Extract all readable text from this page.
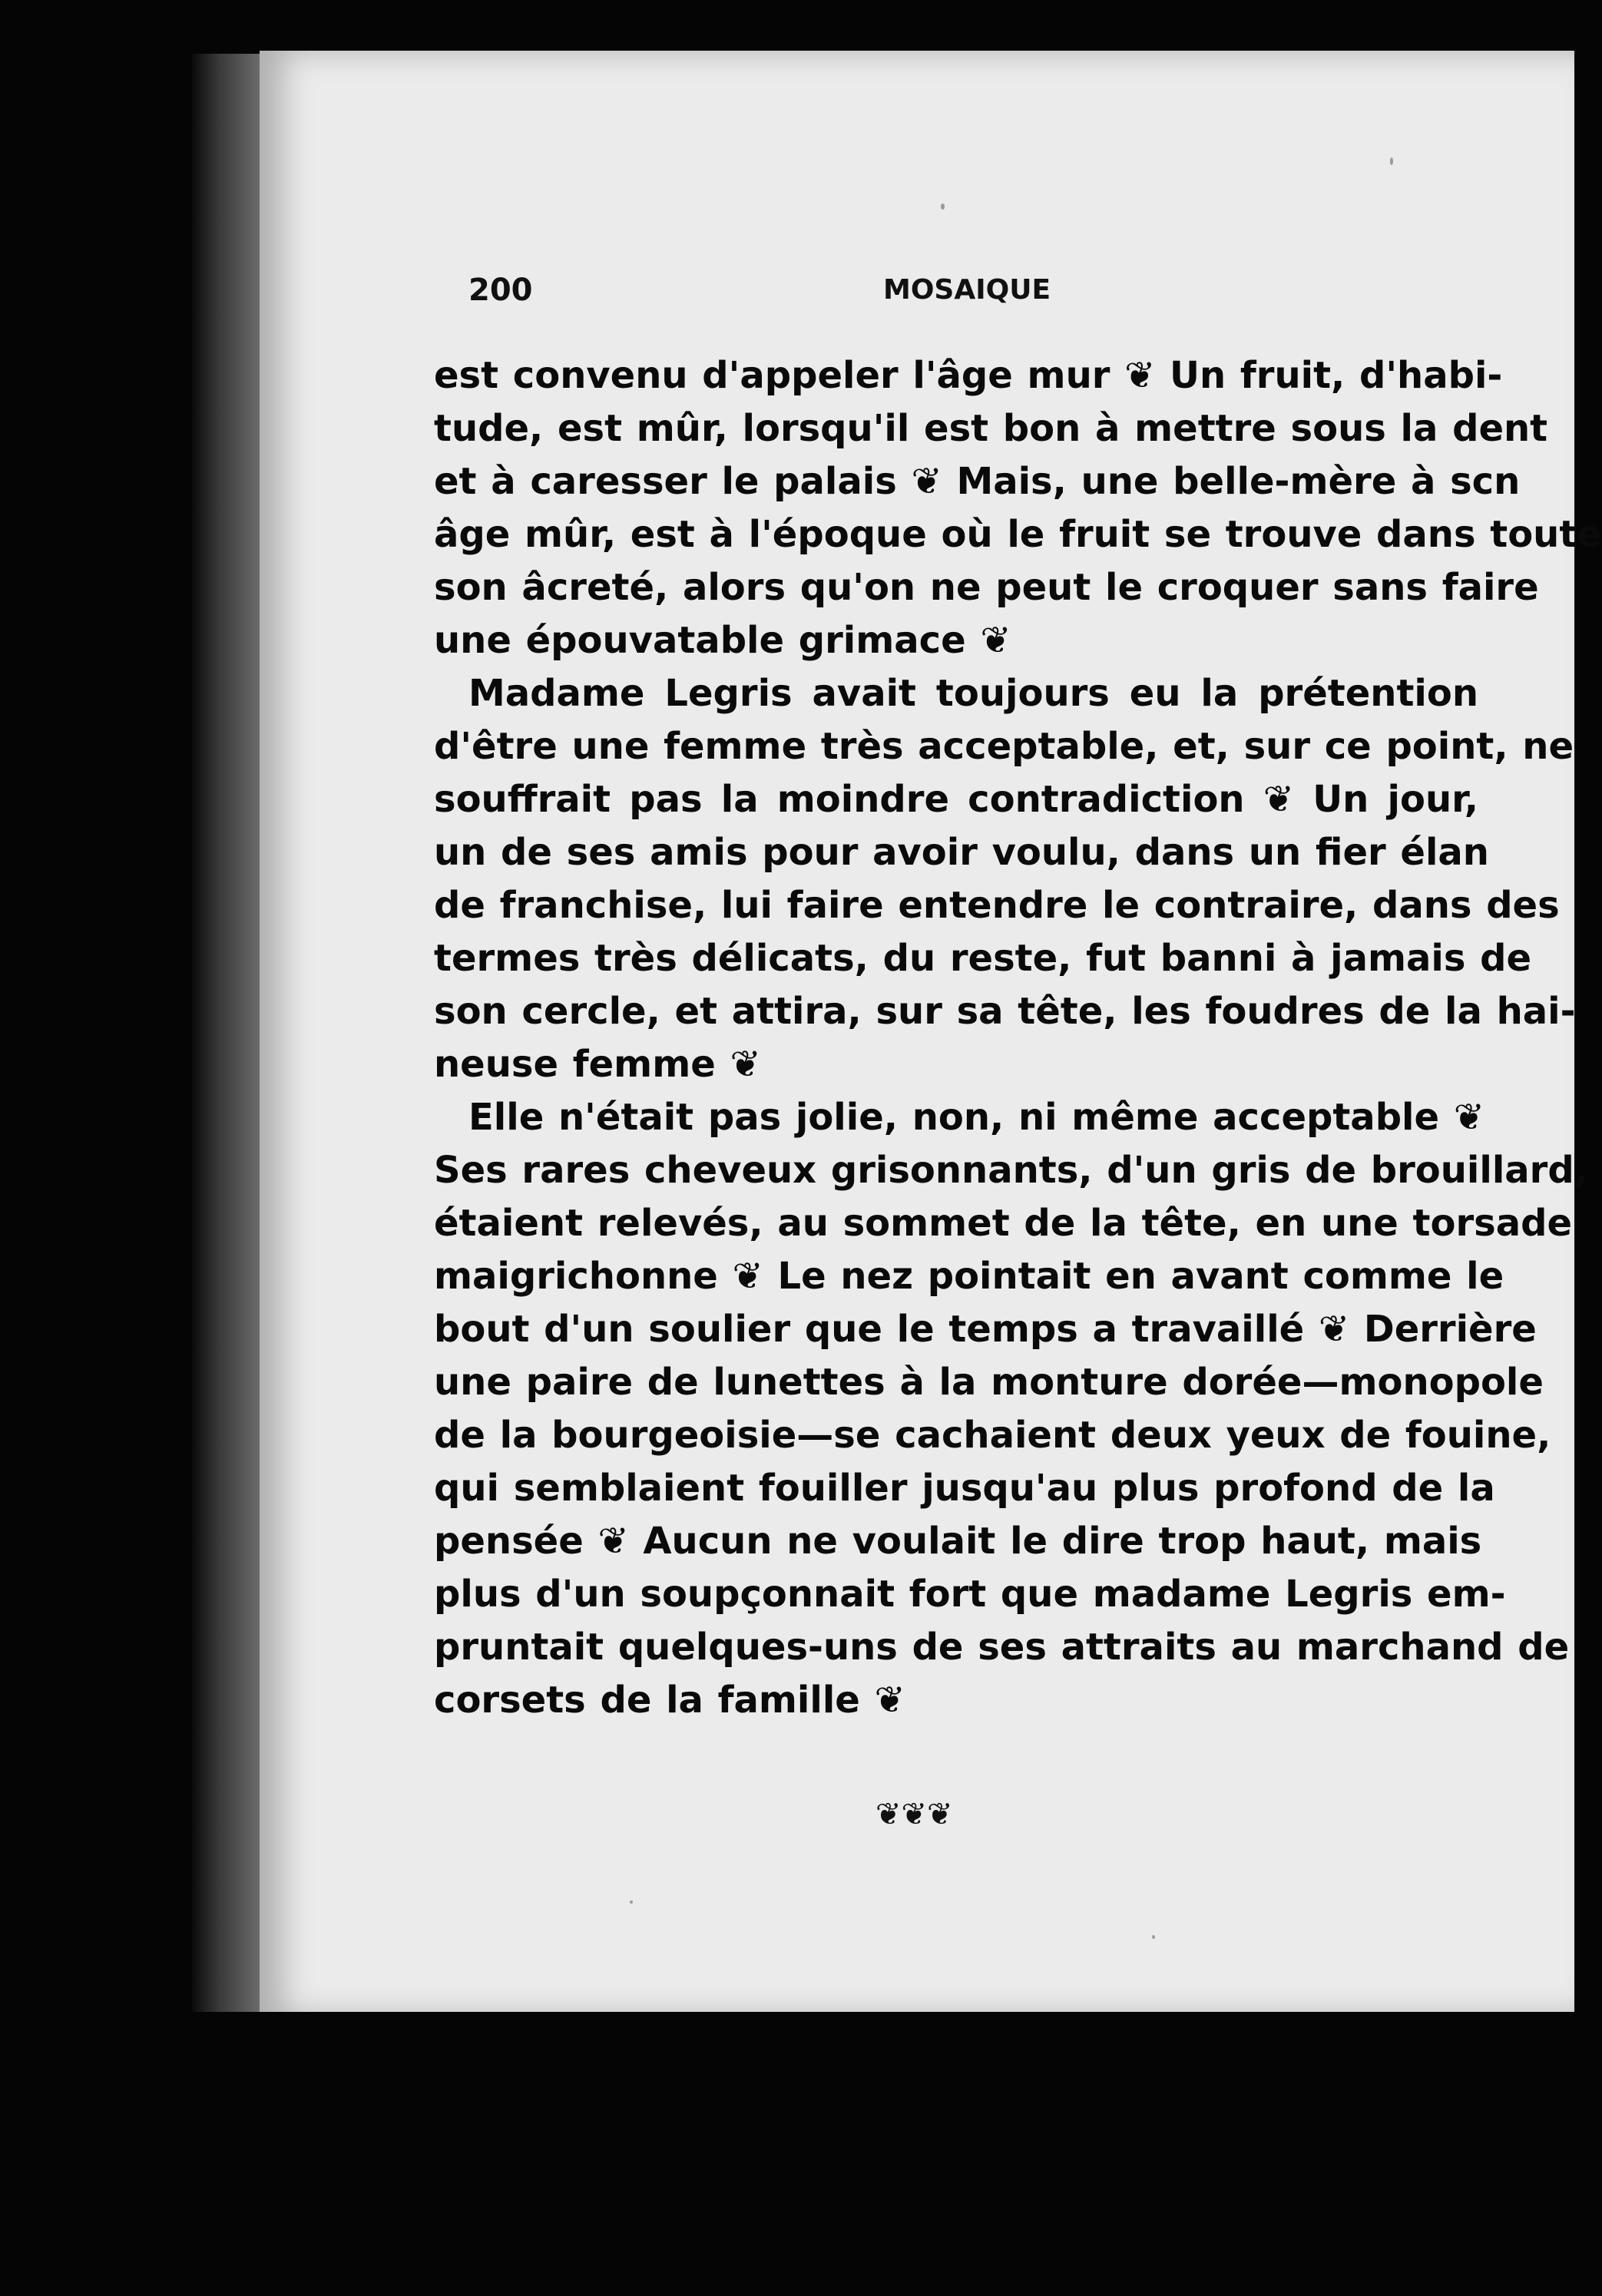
200	MOSAIQUE

est convenu d'appeler l'âge mur ❦ Un fruit, d'habi-
tude, est mûr, lorsqu'il est bon à mettre sous la dent
et à caresser le palais ❦ Mais, une belle-mère à scn
âge mûr, est à l'époque où le fruit se trouve dans toute
son âcreté, alors qu'on ne peut le croquer sans faire
une épouvatable grimace ❦

Madame Legris avait toujours eu la prétention
d'être une femme très acceptable, et, sur ce point, ne
souffrait pas la moindre contradiction ❦ Un jour,
un de ses amis pour avoir voulu, dans un fier élan
de franchise, lui faire entendre le contraire, dans des
termes très délicats, du reste, fut banni à jamais de
son cercle, et attira, sur sa tête, les foudres de la hai-
neuse femme ❦

Elle n'était pas jolie, non, ni même acceptable ❦
Ses rares cheveux grisonnants, d'un gris de brouillard,
étaient relevés, au sommet de la tête, en une torsade
maigrichonne ❦ Le nez pointait en avant comme le
bout d'un soulier que le temps a travaillé ❦ Derrière
une paire de lunettes à la monture dorée—monopole
de la bourgeoisie—se cachaient deux yeux de fouine,
qui semblaient fouiller jusqu'au plus profond de la
pensée ❦ Aucun ne voulait le dire trop haut, mais
plus d'un soupçonnait fort que madame Legris em-
pruntait quelques-uns de ses attraits au marchand de
corsets de la famille ❦

❦❦❦
